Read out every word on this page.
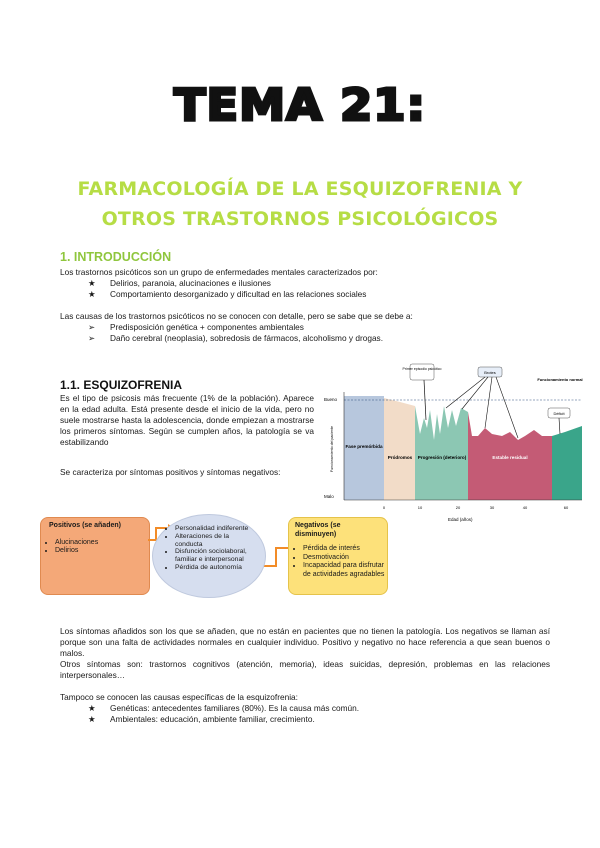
TEMA 21:
FARMACOLOGÍA DE LA ESQUIZOFRENIA Y
OTROS TRASTORNOS PSICOLÓGICOS
1. INTRODUCCIÓN
Los trastornos psicóticos son un grupo de enfermedades mentales caracterizados por:
★	Delirios, paranoia, alucinaciones e ilusiones
★	Comportamiento desorganizado y dificultad en las relaciones sociales
Las causas de los trastornos psicóticos no se conocen con detalle, pero se sabe que se debe a:
➢	Predisposición genética + componentes ambientales
➢	Daño cerebral (neoplasia), sobredosis de fármacos, alcoholismo y drogas.
1.1. ESQUIZOFRENIA
Es el tipo de psicosis más frecuente (1% de la población). Aparece en la edad adulta. Está presente desde el inicio de la vida, pero no suele mostrarse hasta la adolescencia, donde empiezan a mostrarse los primeros síntomas. Según se cumplen años, la patología se va estabilizando
Se caracteriza por síntomas positivos y síntomas negativos:
Bueno
Malo
Funcionamiento del paciente
Edad (años)
0	10	20	30	40	60
Fase premórbida
Pródromos Progresión (deterioro)	Estable residual
Primer episodio psicótico
Brotes
Funcionamiento normal
Déficit
Positivos (se añaden)
• Alucinaciones
• Delirios
• Personalidad indiferente
• Alteraciones de la conducta
• Disfunción sociolaboral, familiar e interpersonal
• Pérdida de autonomía
Negativos (se disminuyen)
• Pérdida de interés
• Desmotivación
• Incapacidad para disfrutar de actividades agradables
Los síntomas añadidos son los que se añaden, que no están en pacientes que no tienen la patología. Los negativos se llaman así porque son una falta de actividades normales en cualquier individuo. Positivo y negativo no hace referencia a que sean buenos o malos.
Otros síntomas son: trastornos cognitivos (atención, memoria), ideas suicidas, depresión, problemas en las relaciones interpersonales…
Tampoco se conocen las causas específicas de la esquizofrenia:
★	Genéticas: antecedentes familiares (80%). Es la causa más común.
★	Ambientales: educación, ambiente familiar, crecimiento.
